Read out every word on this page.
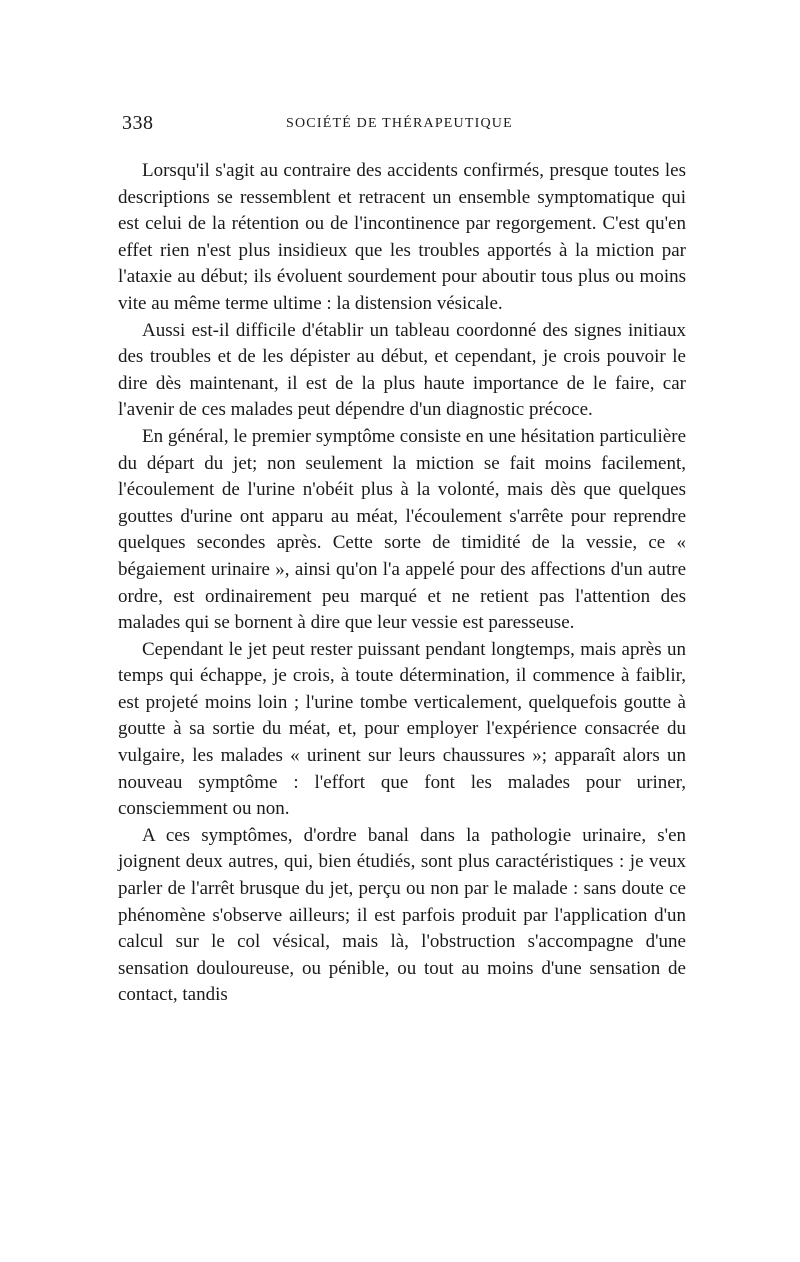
338	SOCIÉTÉ DE THÉRAPEUTIQUE

Lorsqu'il s'agit au contraire des accidents confirmés, presque toutes les descriptions se ressemblent et retracent un ensemble symptomatique qui est celui de la rétention ou de l'incontinence par regorgement. C'est qu'en effet rien n'est plus insidieux que les troubles apportés à la miction par l'ataxie au début; ils évoluent sourdement pour aboutir tous plus ou moins vite au même terme ultime : la distension vésicale.

Aussi est-il difficile d'établir un tableau coordonné des signes initiaux des troubles et de les dépister au début, et cependant, je crois pouvoir le dire dès maintenant, il est de la plus haute importance de le faire, car l'avenir de ces malades peut dépendre d'un diagnostic précoce.

En général, le premier symptôme consiste en une hésitation particulière du départ du jet; non seulement la miction se fait moins facilement, l'écoulement de l'urine n'obéit plus à la volonté, mais dès que quelques gouttes d'urine ont apparu au méat, l'écoulement s'arrête pour reprendre quelques secondes après. Cette sorte de timidité de la vessie, ce « bégaiement urinaire », ainsi qu'on l'a appelé pour des affections d'un autre ordre, est ordinairement peu marqué et ne retient pas l'attention des malades qui se bornent à dire que leur vessie est paresseuse.

Cependant le jet peut rester puissant pendant longtemps, mais après un temps qui échappe, je crois, à toute détermination, il commence à faiblir, est projeté moins loin ; l'urine tombe verticalement, quelquefois goutte à goutte à sa sortie du méat, et, pour employer l'expérience consacrée du vulgaire, les malades « urinent sur leurs chaussures »; apparaît alors un nouveau symptôme : l'effort que font les malades pour uriner, consciemment ou non.

A ces symptômes, d'ordre banal dans la pathologie urinaire, s'en joignent deux autres, qui, bien étudiés, sont plus caractéristiques : je veux parler de l'arrêt brusque du jet, perçu ou non par le malade : sans doute ce phénomène s'observe ailleurs; il est parfois produit par l'application d'un calcul sur le col vésical, mais là, l'obstruction s'accompagne d'une sensation douloureuse, ou pénible, ou tout au moins d'une sensation de contact, tandis
